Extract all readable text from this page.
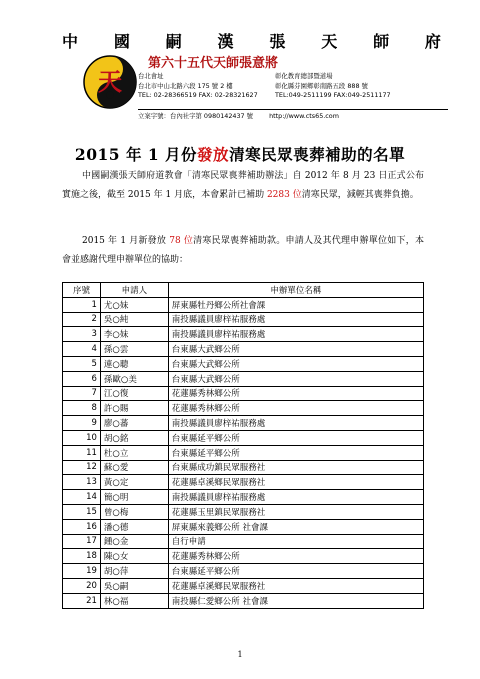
中 國 嗣 漢 張 天 師 府
第六十五代天師張意將
天	台北會址
台北市中山北路六段 175 號 2 樓
TEL: 02-28366519 FAX: 02-28321627
彰化教育總部暨道場
彰化縣芬園鄉彰南路五段 888 號
TEL:049-2511199 FAX:049-2511177
立案字號：台內社字第 0980142437 號	http://www.cts65.com
2015 年 1 月份發放清寒民眾喪葬補助的名單
中國嗣漢張天師府道教會「清寒民眾喪葬補助辦法」自 2012 年 8 月 23 日正式公布實施之後，截至 2015 年 1 月底，本會累計已補助 2283 位清寒民眾，減輕其喪葬負擔。
2015 年 1 月新發放 78 位清寒民眾喪葬補助款。申請人及其代理申辦單位如下，本會並感謝代理申辦單位的協助：
序號	申請人	申辦單位名稱
1	尤○妹	屏東縣牡丹鄉公所社會課
2	吳○純	南投縣議員廖梓祐服務處
3	李○妹	南投縣議員廖梓祐服務處
4	孫○雲	台東縣大武鄉公所
5	連○聰	台東縣大武鄉公所
6	孫歐○美	台東縣大武鄉公所
7	江○復	花蓮縣秀林鄉公所
8	許○賜	花蓮縣秀林鄉公所
9	廖○蕃	南投縣議員廖梓祐服務處
10	胡○銘	台東縣延平鄉公所
11	杜○立	台東縣延平鄉公所
12	蘇○愛	台東縣成功鎮民眾服務社
13	黃○定	花蓮縣卓溪鄉民眾服務社
14	簡○明	南投縣議員廖梓祐服務處
15	曾○梅	花蓮縣玉里鎮民眾服務社
16	潘○德	屏東縣來義鄉公所 社會課
17	鍾○金	自行申請
18	陳○女	花蓮縣秀林鄉公所
19	胡○萍	台東縣延平鄉公所
20	吳○嗣	花蓮縣卓溪鄉民眾服務社
21	林○福	南投縣仁愛鄉公所 社會課
1
